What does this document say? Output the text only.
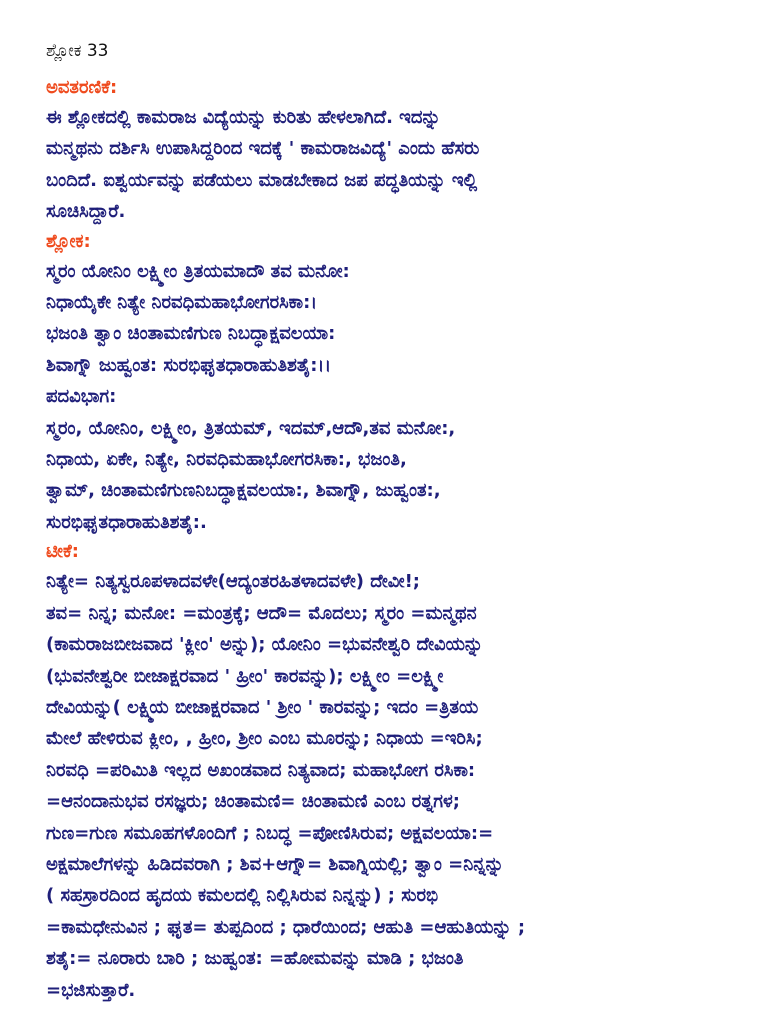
ಶ್ಲೋಕ 33
ಅವತರಣಿಕೆ:
ಈ ಶ್ಲೋಕದಲ್ಲಿ ಕಾಮರಾಜ ವಿದ್ಯೆಯನ್ನು ಕುರಿತು ಹೇಳಲಾಗಿದೆ. ಇದನ್ನು
ಮನ್ಮಥನು ದರ್ಶಿಸಿ ಉಪಾಸಿದ್ದರಿಂದ ಇದಕ್ಕೆ ' ಕಾಮರಾಜವಿದ್ಯೆ' ಎಂದು ಹೆಸರು
ಬಂದಿದೆ. ಐಶ್ವರ್ಯವನ್ನು ಪಡೆಯಲು ಮಾಡಬೇಕಾದ ಜಪ ಪದ್ಧತಿಯನ್ನು ಇಲ್ಲಿ
ಸೂಚಿಸಿದ್ದಾರೆ.
ಶ್ಲೋಕ:
ಸ್ಮರಂ ಯೋನಿಂ ಲಕ್ಷ್ಮೀಂ ತ್ರಿತಯಮಾದೌ ತವ ಮನೋ:
ನಿಧಾಯೈಕೇ ನಿತ್ಯೇ ನಿರವಧಿಮಹಾಭೋಗರಸಿಕಾ:।
ಭಜಂತಿ ತ್ವಾಂ ಚಿಂತಾಮಣಿಗುಣ ನಿಬದ್ಧಾಕ್ಷವಲಯಾ:
ಶಿವಾಗ್ನೌ ಜುಹ್ವಂತ: ಸುರಭಿಘೃತಧಾರಾಹುತಿಶತೈ:।।
ಪದವಿಭಾಗ:
ಸ್ಮರಂ, ಯೋನಿಂ, ಲಕ್ಷ್ಮೀಂ, ತ್ರಿತಯಮ್, ಇದಮ್,ಆದೌ,ತವ ಮನೋ:,
ನಿಧಾಯ, ಏಕೇ, ನಿತ್ಯೇ, ನಿರವಧಿಮಹಾಭೋಗರಸಿಕಾ:, ಭಜಂತಿ,
ತ್ವಾಮ್, ಚಿಂತಾಮಣಿಗುಣನಿಬದ್ಧಾಕ್ಷವಲಯಾ:, ಶಿವಾಗ್ನೌ, ಜುಹ್ವಂತ:,
ಸುರಭಿಘೃತಧಾರಾಹುತಿಶತೈ:.
ಟೀಕೆ:
ನಿತ್ಯೇ= ನಿತ್ಯಸ್ವರೂಪಳಾದವಳೇ(ಆದ್ಯಂತರಹಿತಳಾದವಳೇ) ದೇವೀ!;
ತವ= ನಿನ್ನ; ಮನೋ: =ಮಂತ್ರಕ್ಕೆ; ಆದೌ= ಮೊದಲು; ಸ್ಮರಂ =ಮನ್ಮಥನ
(ಕಾಮರಾಜಬೀಜವಾದ 'ಕ್ಲೀಂ' ಅನ್ನು); ಯೋನಿಂ =ಭುವನೇಶ್ವರಿ ದೇವಿಯನ್ನು
(ಭುವನೇಶ್ವರೀ ಬೀಜಾಕ್ಷರವಾದ ' ಹ್ರೀಂ' ಕಾರವನ್ನು); ಲಕ್ಷ್ಮೀಂ =ಲಕ್ಷ್ಮೀ
ದೇವಿಯನ್ನು( ಲಕ್ಷ್ಮಿಯ ಬೀಜಾಕ್ಷರವಾದ ' ಶ್ರೀಂ ' ಕಾರವನ್ನು; ಇದಂ =ತ್ರಿತಯ
ಮೇಲೆ ಹೇಳಿರುವ ಕ್ಲೀಂ, , ಹ್ರೀಂ, ಶ್ರೀಂ ಎಂಬ ಮೂರನ್ನು; ನಿಧಾಯ =ಇರಿಸಿ;
ನಿರವಧಿ =ಪರಿಮಿತಿ ಇಲ್ಲದ ಅಖಂಡವಾದ ನಿತ್ಯವಾದ; ಮಹಾಭೋಗ ರಸಿಕಾ:
=ಆನಂದಾನುಭವ ರಸಜ್ಞರು; ಚಿಂತಾಮಣಿ= ಚಿಂತಾಮಣಿ ಎಂಬ ರತ್ನಗಳ;
ಗುಣ=ಗುಣ ಸಮೂಹಗಳೊಂದಿಗೆ ; ನಿಬದ್ಧ =ಪೋಣಿಸಿರುವ; ಅಕ್ಷವಲಯಾ:=
ಅಕ್ಷಮಾಲೆಗಳನ್ನು ಹಿಡಿದವರಾಗಿ ; ಶಿವ+ಆಗ್ನೌ= ಶಿವಾಗ್ನಿಯಲ್ಲಿ; ತ್ವಾಂ =ನಿನ್ನನ್ನು
( ಸಹಸ್ರಾರದಿಂದ ಹೃದಯ ಕಮಲದಲ್ಲಿ ನಿಲ್ಲಿಸಿರುವ ನಿನ್ನನ್ನು) ; ಸುರಭಿ
=ಕಾಮಧೇನುವಿನ ; ಘೃತ= ತುಪ್ಪದಿಂದ ; ಧಾರೆಯಿಂದ; ಆಹುತಿ =ಆಹುತಿಯನ್ನು ;
ಶತೈ:= ನೂರಾರು ಬಾರಿ ; ಜುಹ್ವಂತ: =ಹೋಮವನ್ನು ಮಾಡಿ ; ಭಜಂತಿ
=ಭಜಿಸುತ್ತಾರೆ.
